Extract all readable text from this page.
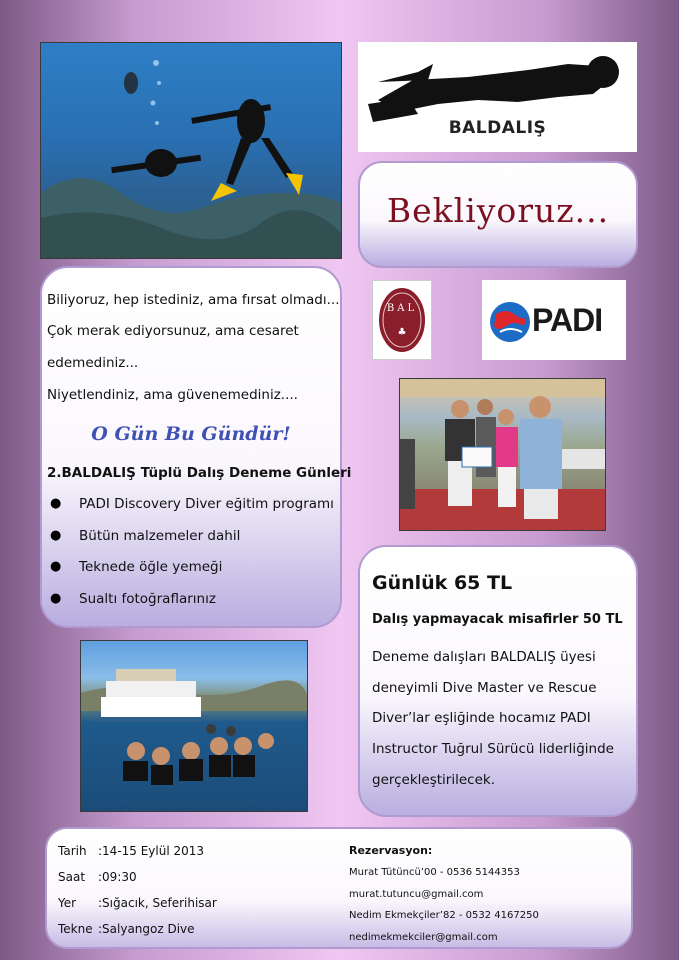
BALDALIŞ
Bekliyoruz...
Biliyoruz, hep istediniz, ama fırsat olmadı...
Çok merak ediyorsunuz, ama cesaret
edemediniz...
Niyetlendiniz, ama güvenemediniz....
O Gün Bu Gündür!
2.BALDALIŞ Tüplü Dalış Deneme Günleri
● PADI Discovery Diver eğitim programı
● Bütün malzemeler dahil
● Teknede öğle yemeği
● Sualtı fotoğraflarınız
♣
BAL	PADI
Günlük 65 TL
Dalış yapmayacak misafirler 50 TL
Deneme dalışları BALDALIŞ üyesi
deneyimli Dive Master ve Rescue
Diver’lar eşliğinde hocamız PADI
Instructor Tuğrul Sürücü liderliğinde
gerçekleştirilecek.
Tarih :14-15 Eylül 2013
Saat :09:30
Yer :Sığacık, Seferihisar
Tekne :Salyangoz Dive
Rezervasyon:
Murat Tütüncü’00 - 0536 5144353
murat.tutuncu@gmail.com
Nedim Ekmekçiler’82 - 0532 4167250
nedimekmekciler@gmail.com
